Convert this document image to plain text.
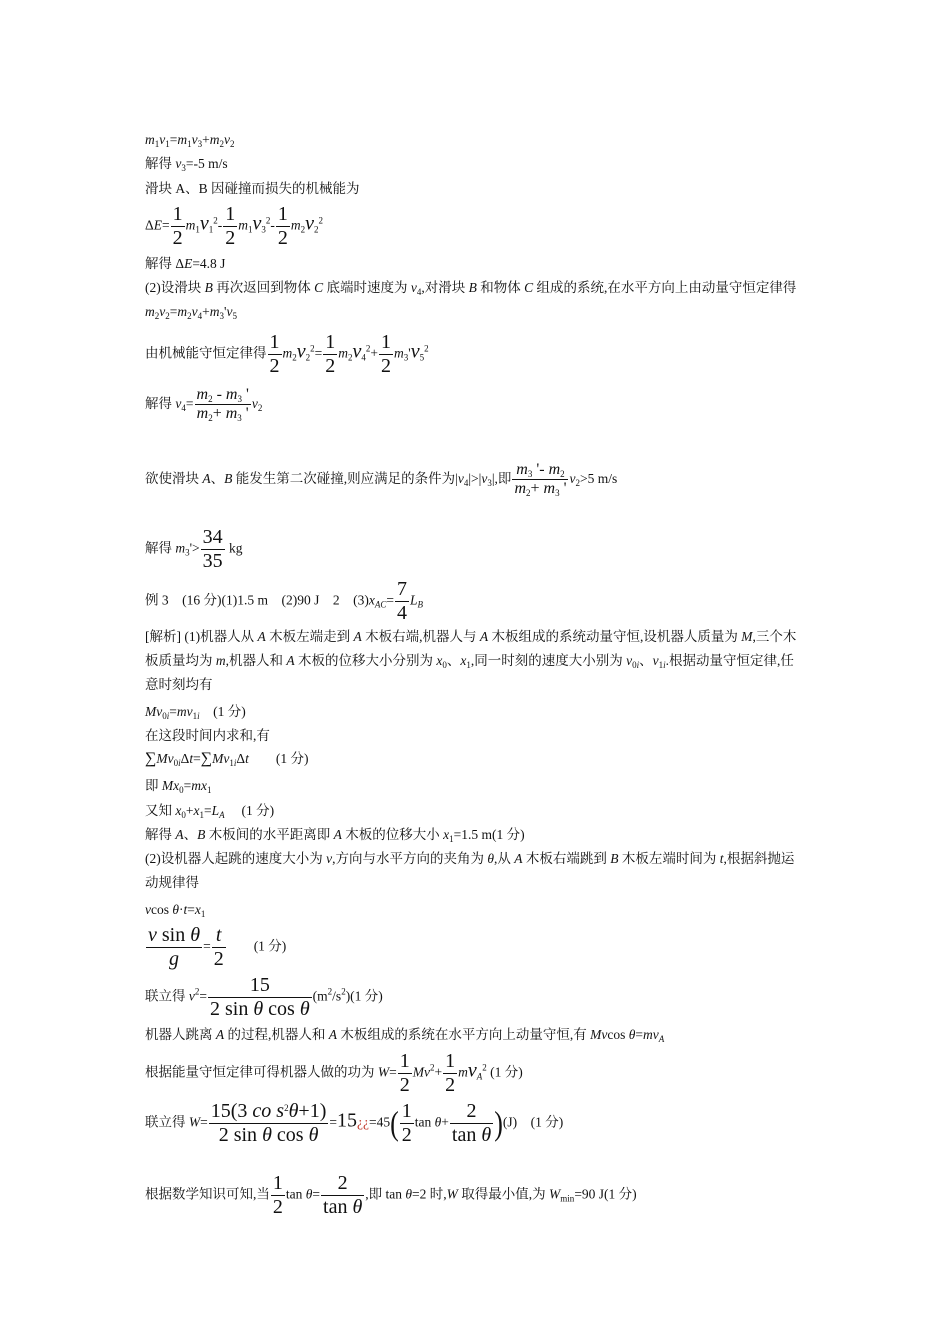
$m_1v_1=m_1v_3+m_2v_2$
解得 $v_3=-5$ m/s
滑块 A、B 因碰撞而损失的机械能为
$\Delta E= \frac{1}{2} m_1v_1^2- \frac{1}{2} m_1v_3^2- \frac{1}{2} m_2v_2^2$
解得 ΔE=4.8 J
(2)设滑块 B 再次返回到物体 C 底端时速度为 $v_4$,对滑块 B 和物体 C 组成的系统,在水平方向上由动量守恒定律得 $m_2v_2=m_2v_4+m_3'v_5$
由机械能守恒定律得 $\frac{1}{2} m_2v_2^2= \frac{1}{2} m_2v_4^2+ \frac{1}{2} m_3'v_5^2$
解得 $v_4= \frac{m_2 - m_3 '}{m_2+ m_3 '} v_2$
欲使滑块 A、B 能发生第二次碰撞,则应满足的条件为$|v_4|>|v_3|$,即 $\frac{m_3 '- m_2}{m_2+ m_3 '} v_2>5$ m/s
解得 $m_3'> \frac{34}{35}$ kg
例 3　(16 分)(1)1.5 m　(2)90 J　2　$(3)x_{AC}= \frac{7}{4} L_B$
[解析] (1)机器人从 A 木板左端走到 A 木板右端,机器人与 A 木板组成的系统动量守恒,设机器人质量为 M,三个木板质量均为 m,机器人和 A 木板的位移大小分别为 $x_0$、$x_1$,同一时刻的速度大小别为 $v_{0i}$、$v_{1i}$.根据动量守恒定律,任意时刻均有
$Mv_{0i}=mv_{1i}$　(1 分)
在这段时间内求和,有
$\sum Mv_{0i}\Delta t=\sum Mv_{1i}\Delta t$　　(1 分)
即 $Mx_0=mx_1$
又知 $x_0+x_1=L_A$　 (1 分)
解得 A、B 木板间的水平距离即 A 木板的位移大小 $x_1=1.5$ m(1 分)
(2)设机器人起跳的速度大小为 v,方向与水平方向的夹角为 θ,从 A 木板右端跳到 B 木板左端时间为 t,根据斜抛运动规律得
vcos $\theta\cdot t=x_1$
$\frac{\text{v sin θ}}{g} = \frac{t}{2}$
　　 (1 分)
联立得 $v^2= \frac{15}{\text{2 sin θ cos θ}} (m^2/s^2)(1$ 分)
机器人跳离 A 的过程,机器人和 A 木板组成的系统在水平方向上动量守恒,有 Mvcos $\theta=mv_A$
根据能量守恒定律可得机器人做的功为 $W= \frac{1}{2} Mv^2+ \frac{1}{2} mv_A^2$ (1 分)
联立得 $W= \frac{15(3 co s^2\theta+1)}{\text{2 sin θ cos θ}}$ =15¿¿=45( $\frac{1}{2}$ $\tan \theta+ \frac{2}{\text{tan θ}} )(J)$　(1 分)
根据数学知识可知,当 $\frac{1}{2}$ $\tan \theta= \frac{2}{\text{tan θ}}$ ,即 tan θ=2 时,W 取得最小值,为 $W_{min}=90$ J(1 分)
